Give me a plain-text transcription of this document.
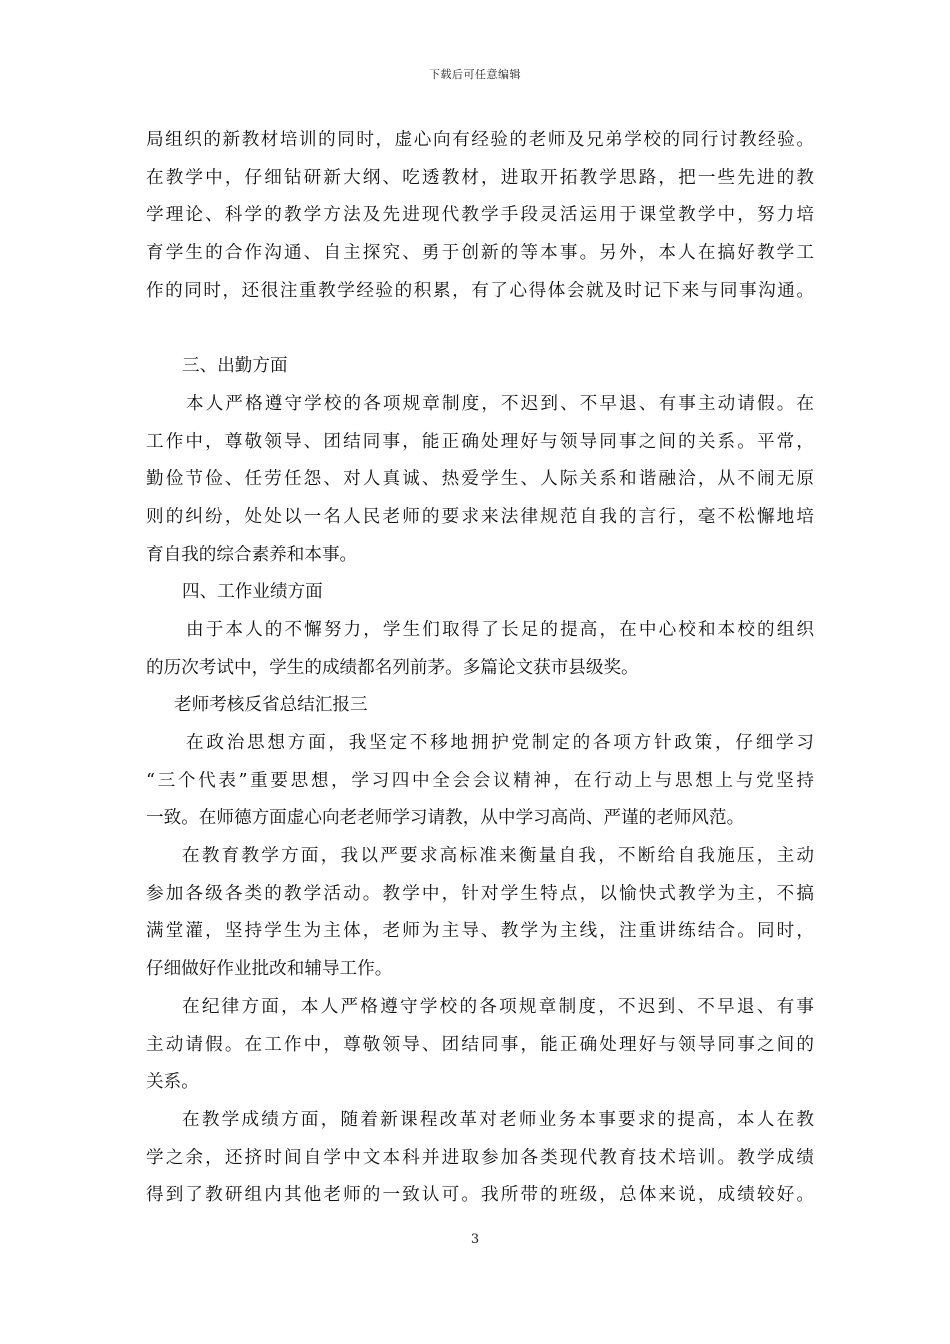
下载后可任意编辑
局组织的新教材培训的同时，虚心向有经验的老师及兄弟学校的同行讨教经验。
在教学中，仔细钻研新大纲、吃透教材，进取开拓教学思路，把一些先进的教
学理论、科学的教学方法及先进现代教学手段灵活运用于课堂教学中，努力培
育学生的合作沟通、自主探究、勇于创新的等本事。另外，本人在搞好教学工
作的同时，还很注重教学经验的积累，有了心得体会就及时记下来与同事沟通。
三、出勤方面
本人严格遵守学校的各项规章制度，不迟到、不早退、有事主动请假。在
工作中，尊敬领导、团结同事，能正确处理好与领导同事之间的关系。平常，
勤俭节俭、任劳任怨、对人真诚、热爱学生、人际关系和谐融洽，从不闹无原
则的纠纷，处处以一名人民老师的要求来法律规范自我的言行，毫不松懈地培
育自我的综合素养和本事。
四、工作业绩方面
由于本人的不懈努力，学生们取得了长足的提高，在中心校和本校的组织
的历次考试中，学生的成绩都名列前茅。多篇论文获市县级奖。
老师考核反省总结汇报三
在政治思想方面，我坚定不移地拥护党制定的各项方针政策，仔细学习
“三个代表”重要思想，学习四中全会会议精神，在行动上与思想上与党坚持
一致。在师德方面虚心向老老师学习请教，从中学习高尚、严谨的老师风范。
在教育教学方面，我以严要求高标准来衡量自我，不断给自我施压，主动
参加各级各类的教学活动。教学中，针对学生特点，以愉快式教学为主，不搞
满堂灌，坚持学生为主体，老师为主导、教学为主线，注重讲练结合。同时，
仔细做好作业批改和辅导工作。
在纪律方面，本人严格遵守学校的各项规章制度，不迟到、不早退、有事
主动请假。在工作中，尊敬领导、团结同事，能正确处理好与领导同事之间的
关系。
在教学成绩方面，随着新课程改革对老师业务本事要求的提高，本人在教
学之余，还挤时间自学中文本科并进取参加各类现代教育技术培训。教学成绩
得到了教研组内其他老师的一致认可。我所带的班级，总体来说，成绩较好。
3
